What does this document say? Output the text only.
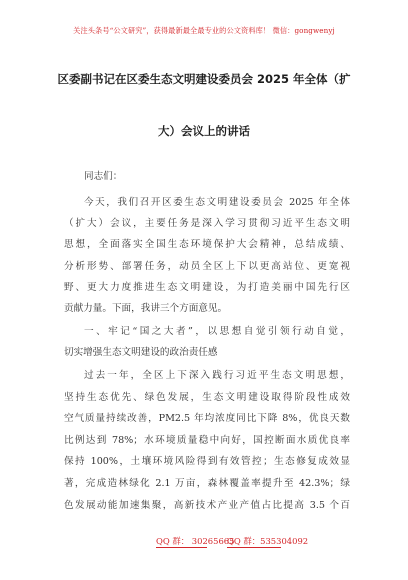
关注头条号“公文研究”，获得最新最全最专业的公文资料库！ 微信：gongwenyj
区委副书记在区委生态文明建设委员会 2025 年全体（扩
大）会议上的讲话
同志们：
今天，我们召开区委生态文明建设委员会 2025 年全体
（扩大）会议，主要任务是深入学习贯彻习近平生态文明
思想，全面落实全国生态环境保护大会精神，总结成绩、
分析形势、部署任务，动员全区上下以更高站位、更宽视
野、更大力度推进生态文明建设，为打造美丽中国先行区
贡献力量。下面，我讲三个方面意见。
一、牢记“国之大者”，以思想自觉引领行动自觉，
切实增强生态文明建设的政治责任感
过去一年，全区上下深入践行习近平生态文明思想，
坚持生态优先、绿色发展，生态文明建设取得阶段性成效
空气质量持续改善，PM2.5 年均浓度同比下降 8%，优良天数
比例达到 78%；水环境质量稳中向好，国控断面水质优良率
保持 100%，土壤环境风险得到有效管控；生态修复成效显
著，完成造林绿化 2.1 万亩，森林覆盖率提升至 42.3%；绿
色发展动能加速集聚，高新技术产业产值占比提高 3.5 个百
QQ 群： 30265665
QQ 群：535304092
